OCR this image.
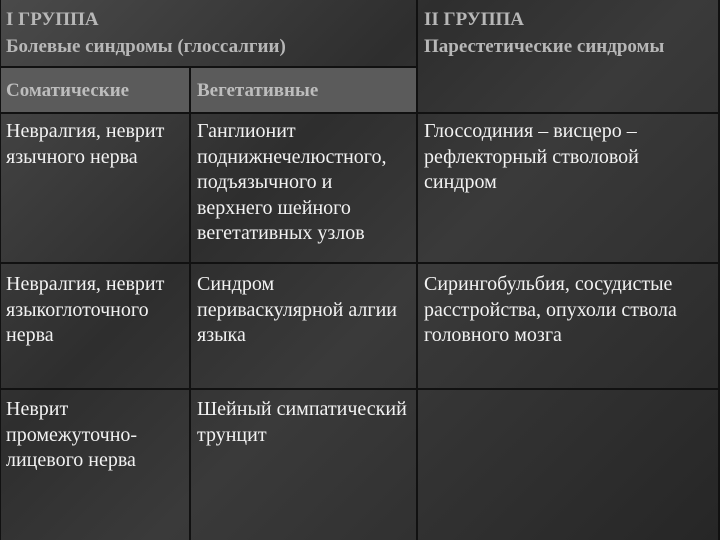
I ГРУППА
Болевые синдромы (глоссалгии)
II ГРУППА
Парестетические синдромы
Соматические	Вегетативные
Невралгия, неврит язычного нерва
Ганглионит поднижнечелюстного, подъязычного и верхнего шейного вегетативных узлов
Глоссодиния – висцеро – рефлекторный стволовой синдром
Невралгия, неврит языкоглоточного нерва
Синдром периваскулярной алгии языка
Сирингобульбия, сосудистые расстройства, опухоли ствола головного мозга
Неврит промежуточно-лицевого нерва
Шейный симпатический трунцит
